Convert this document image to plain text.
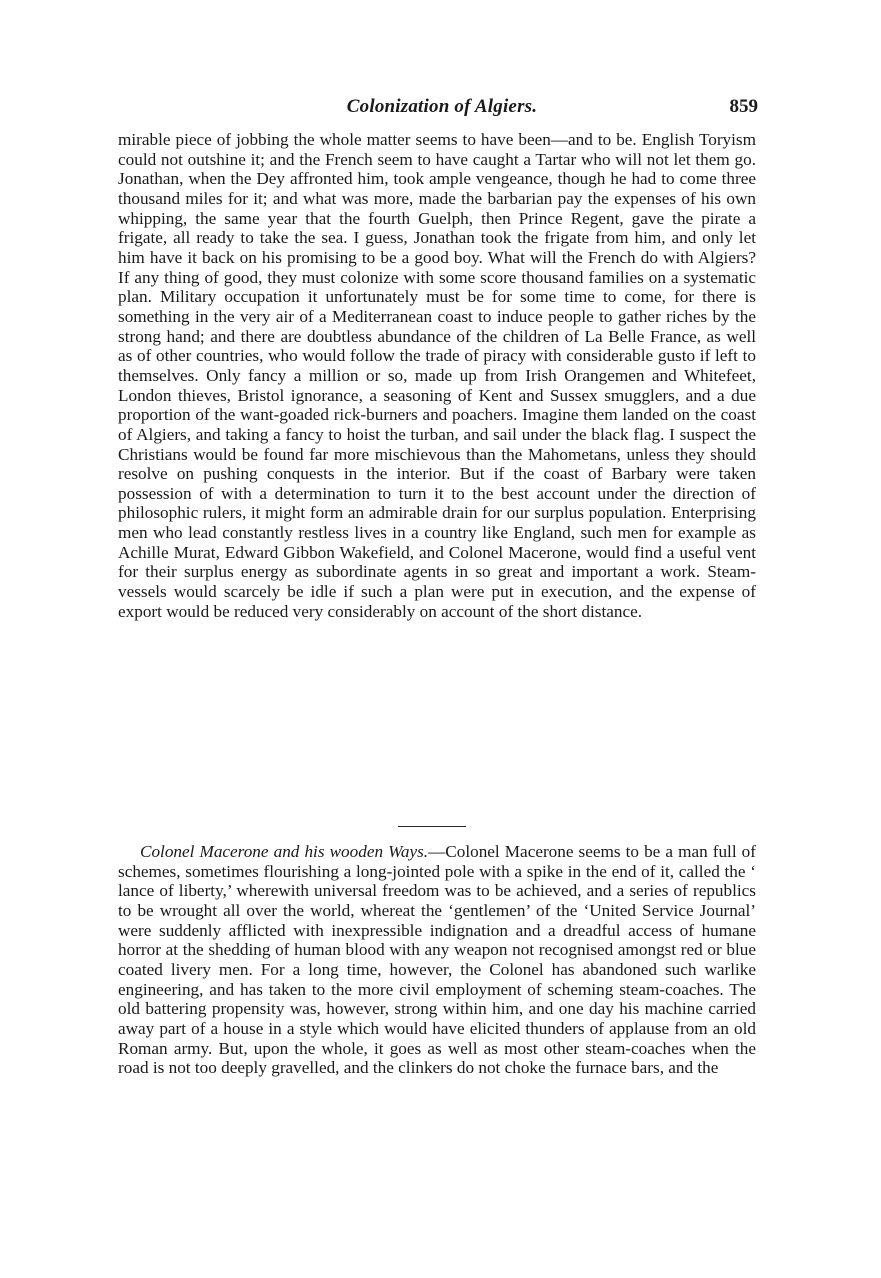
Colonization of Algiers.	859

mirable piece of jobbing the whole matter seems to have been—and to be. English Toryism could not outshine it; and the French seem to have caught a Tartar who will not let them go. Jonathan, when the Dey affronted him, took ample vengeance, though he had to come three thousand miles for it; and what was more, made the barbarian pay the expenses of his own whipping, the same year that the fourth Guelph, then Prince Regent, gave the pirate a frigate, all ready to take the sea. I guess, Jonathan took the frigate from him, and only let him have it back on his promising to be a good boy. What will the French do with Algiers? If any thing of good, they must colonize with some score thousand families on a systematic plan. Military occupation it unfortunately must be for some time to come, for there is something in the very air of a Mediterranean coast to induce people to gather riches by the strong hand; and there are doubtless abundance of the children of La Belle France, as well as of other countries, who would follow the trade of piracy with considerable gusto if left to themselves. Only fancy a million or so, made up from Irish Orangemen and Whitefeet, London thieves, Bristol ignorance, a seasoning of Kent and Sussex smugglers, and a due proportion of the want-goaded rick-burners and poachers. Imagine them landed on the coast of Algiers, and taking a fancy to hoist the turban, and sail under the black flag. I suspect the Christians would be found far more mischievous than the Mahometans, unless they should resolve on pushing conquests in the interior. But if the coast of Barbary were taken possession of with a determination to turn it to the best account under the direction of philosophic rulers, it might form an admirable drain for our surplus population. Enterprising men who lead constantly restless lives in a country like England, such men for example as Achille Murat, Edward Gibbon Wakefield, and Colonel Macerone, would find a useful vent for their surplus energy as subordinate agents in so great and important a work. Steam-vessels would scarcely be idle if such a plan were put in execution, and the expense of export would be reduced very considerably on account of the short distance.

Colonel Macerone and his wooden Ways.—Colonel Macerone seems to be a man full of schemes, sometimes flourishing a long-jointed pole with a spike in the end of it, called the ‘ lance of liberty,’ wherewith universal freedom was to be achieved, and a series of republics to be wrought all over the world, whereat the ‘gentlemen’ of the ‘United Service Journal’ were suddenly afflicted with inexpressible indignation and a dreadful access of humane horror at the shedding of human blood with any weapon not recognised amongst red or blue coated livery men. For a long time, however, the Colonel has abandoned such warlike engineering, and has taken to the more civil employment of scheming steam-coaches. The old battering propensity was, however, strong within him, and one day his machine carried away part of a house in a style which would have elicited thunders of applause from an old Roman army. But, upon the whole, it goes as well as most other steam-coaches when the road is not too deeply gravelled, and the clinkers do not choke the furnace bars, and the
